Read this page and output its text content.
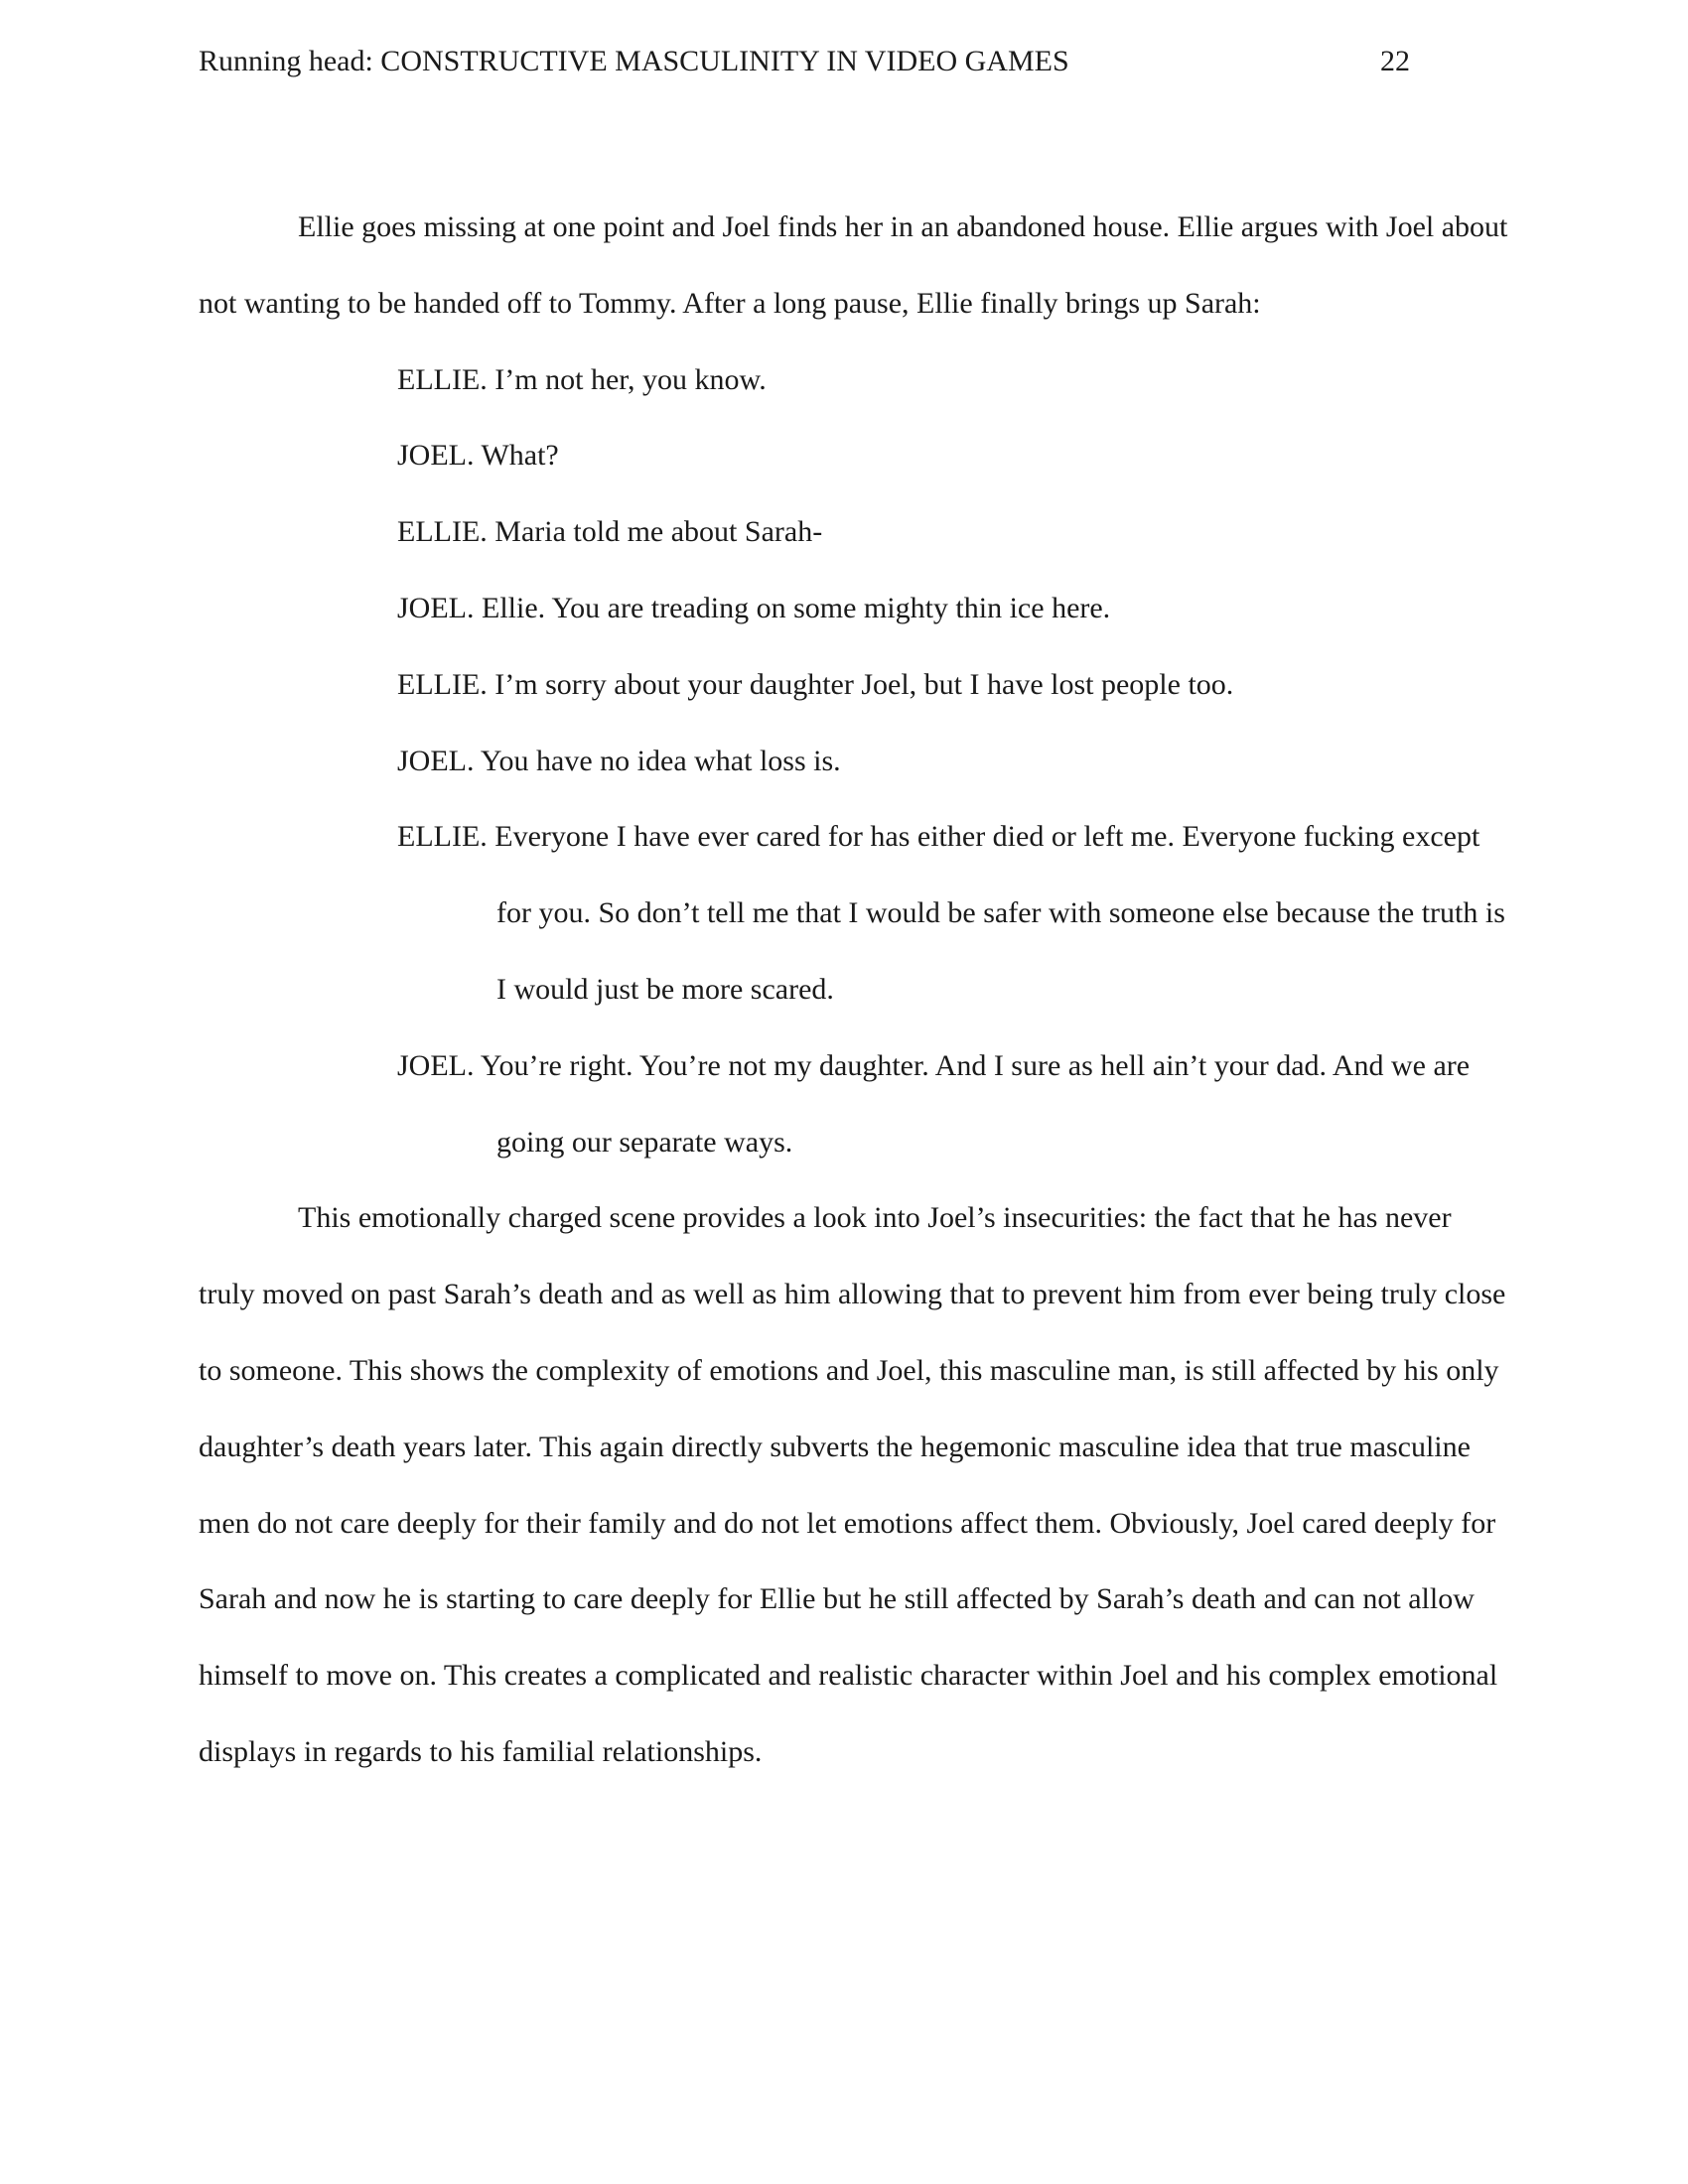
Running head: CONSTRUCTIVE MASCULINITY IN VIDEO GAMES	22

Ellie goes missing at one point and Joel finds her in an abandoned house. Ellie argues with Joel about not wanting to be handed off to Tommy. After a long pause, Ellie finally brings up Sarah:

ELLIE. I’m not her, you know.

JOEL. What?

ELLIE. Maria told me about Sarah-

JOEL. Ellie. You are treading on some mighty thin ice here.

ELLIE. I’m sorry about your daughter Joel, but I have lost people too.

JOEL. You have no idea what loss is.

ELLIE. Everyone I have ever cared for has either died or left me. Everyone fucking except for you. So don’t tell me that I would be safer with someone else because the truth is I would just be more scared.

JOEL. You’re right. You’re not my daughter. And I sure as hell ain’t your dad. And we are going our separate ways.

This emotionally charged scene provides a look into Joel’s insecurities: the fact that he has never truly moved on past Sarah’s death and as well as him allowing that to prevent him from ever being truly close to someone. This shows the complexity of emotions and Joel, this masculine man, is still affected by his only daughter’s death years later. This again directly subverts the hegemonic masculine idea that true masculine men do not care deeply for their family and do not let emotions affect them. Obviously, Joel cared deeply for Sarah and now he is starting to care deeply for Ellie but he still affected by Sarah’s death and can not allow himself to move on. This creates a complicated and realistic character within Joel and his complex emotional displays in regards to his familial relationships.
